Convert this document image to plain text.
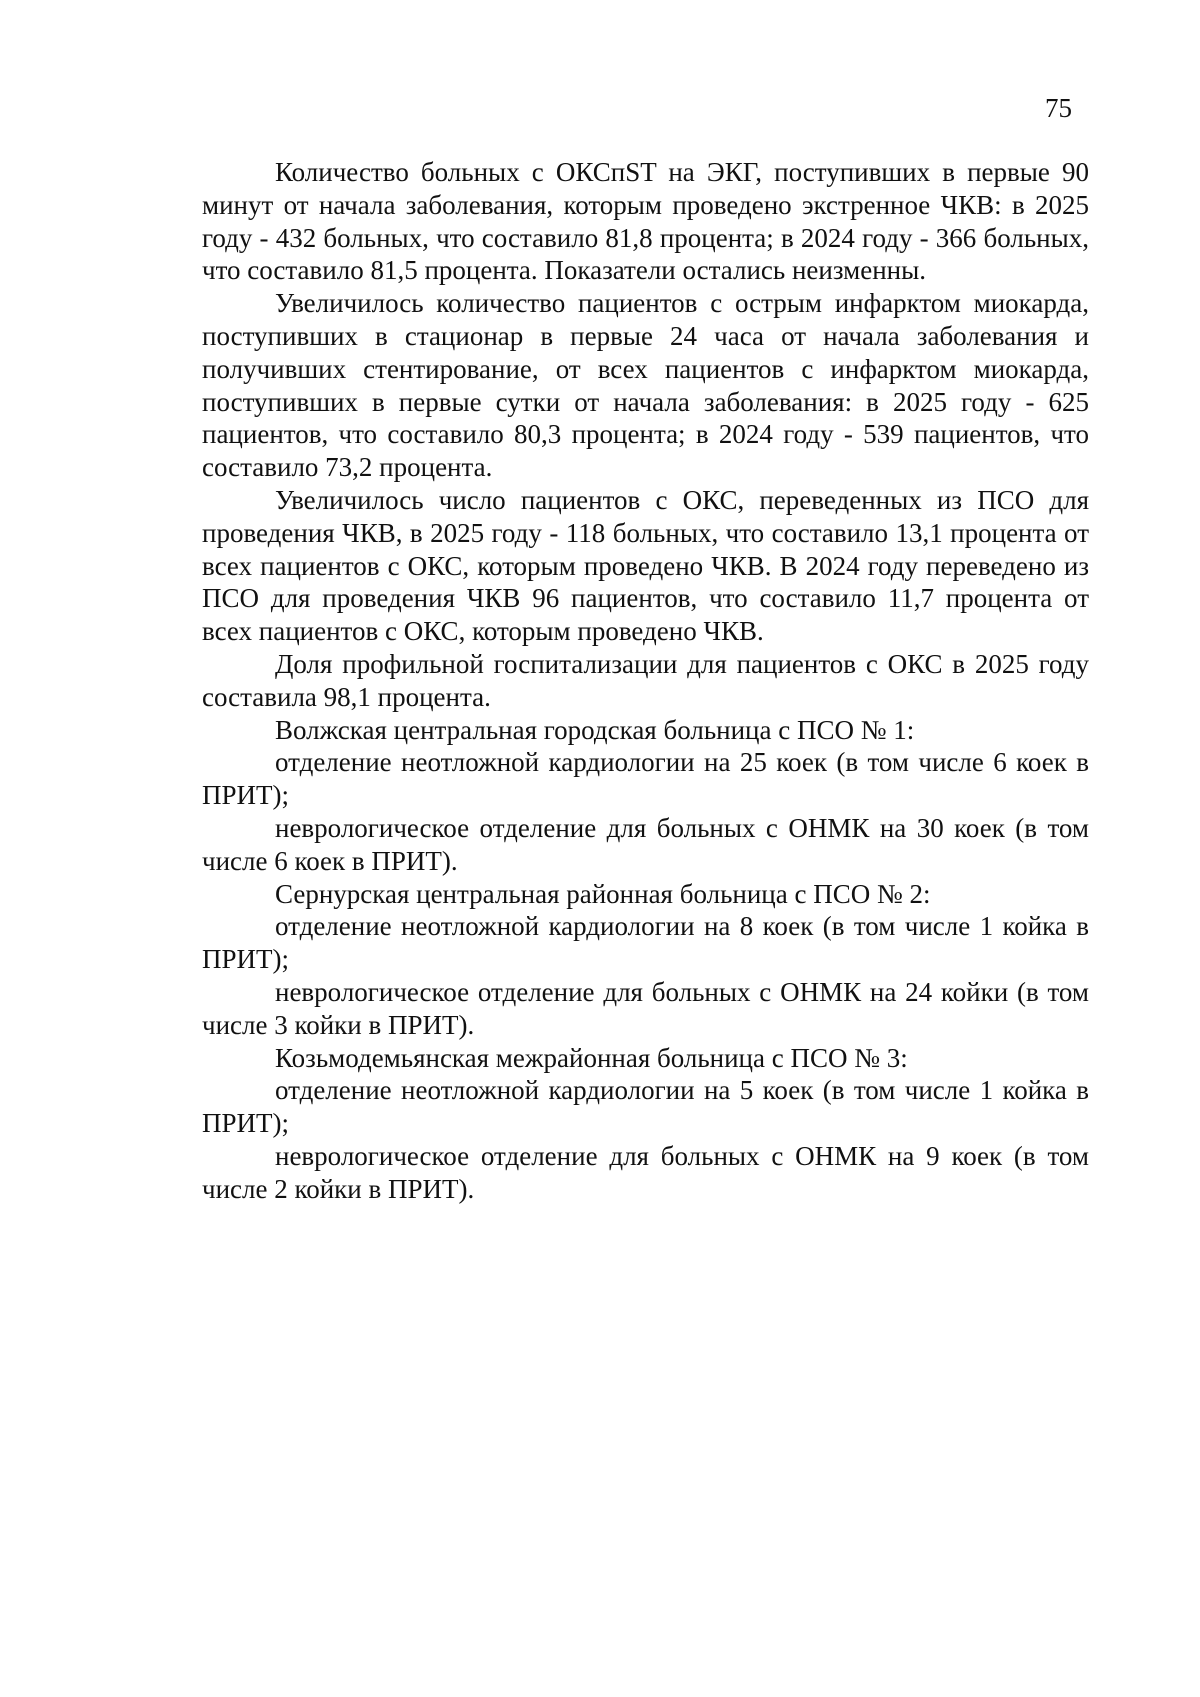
75

Количество больных с ОКСпST на ЭКГ, поступивших в первые 90 минут от начала заболевания, которым проведено экстренное ЧКВ: в 2025 году - 432 больных, что составило 81,8 процента; в 2024 году - 366 больных, что составило 81,5 процента. Показатели остались неизменны.

Увеличилось количество пациентов с острым инфарктом миокарда, поступивших в стационар в первые 24 часа от начала заболевания и получивших стентирование, от всех пациентов с инфарктом миокарда, поступивших в первые сутки от начала заболевания: в 2025 году - 625 пациентов, что составило 80,3 процента; в 2024 году - 539 пациентов, что составило 73,2 процента.

Увеличилось число пациентов с ОКС, переведенных из ПСО для проведения ЧКВ, в 2025 году - 118 больных, что составило 13,1 процента от всех пациентов с ОКС, которым проведено ЧКВ. В 2024 году переведено из ПСО для проведения ЧКВ 96 пациентов, что составило 11,7 процента от всех пациентов с ОКС, которым проведено ЧКВ.

Доля профильной госпитализации для пациентов с ОКС в 2025 году составила 98,1 процента.

Волжская центральная городская больница с ПСО № 1:

отделение неотложной кардиологии на 25 коек (в том числе 6 коек в ПРИТ);

неврологическое отделение для больных с ОНМК на 30 коек (в том числе 6 коек в ПРИТ).

Сернурская центральная районная больница с ПСО № 2:

отделение неотложной кардиологии на 8 коек (в том числе 1 койка в ПРИТ);

неврологическое отделение для больных с ОНМК на 24 койки (в том числе 3 койки в ПРИТ).

Козьмодемьянская межрайонная больница с ПСО № 3:

отделение неотложной кардиологии на 5 коек (в том числе 1 койка в ПРИТ);

неврологическое отделение для больных с ОНМК на 9 коек (в том числе 2 койки в ПРИТ).
